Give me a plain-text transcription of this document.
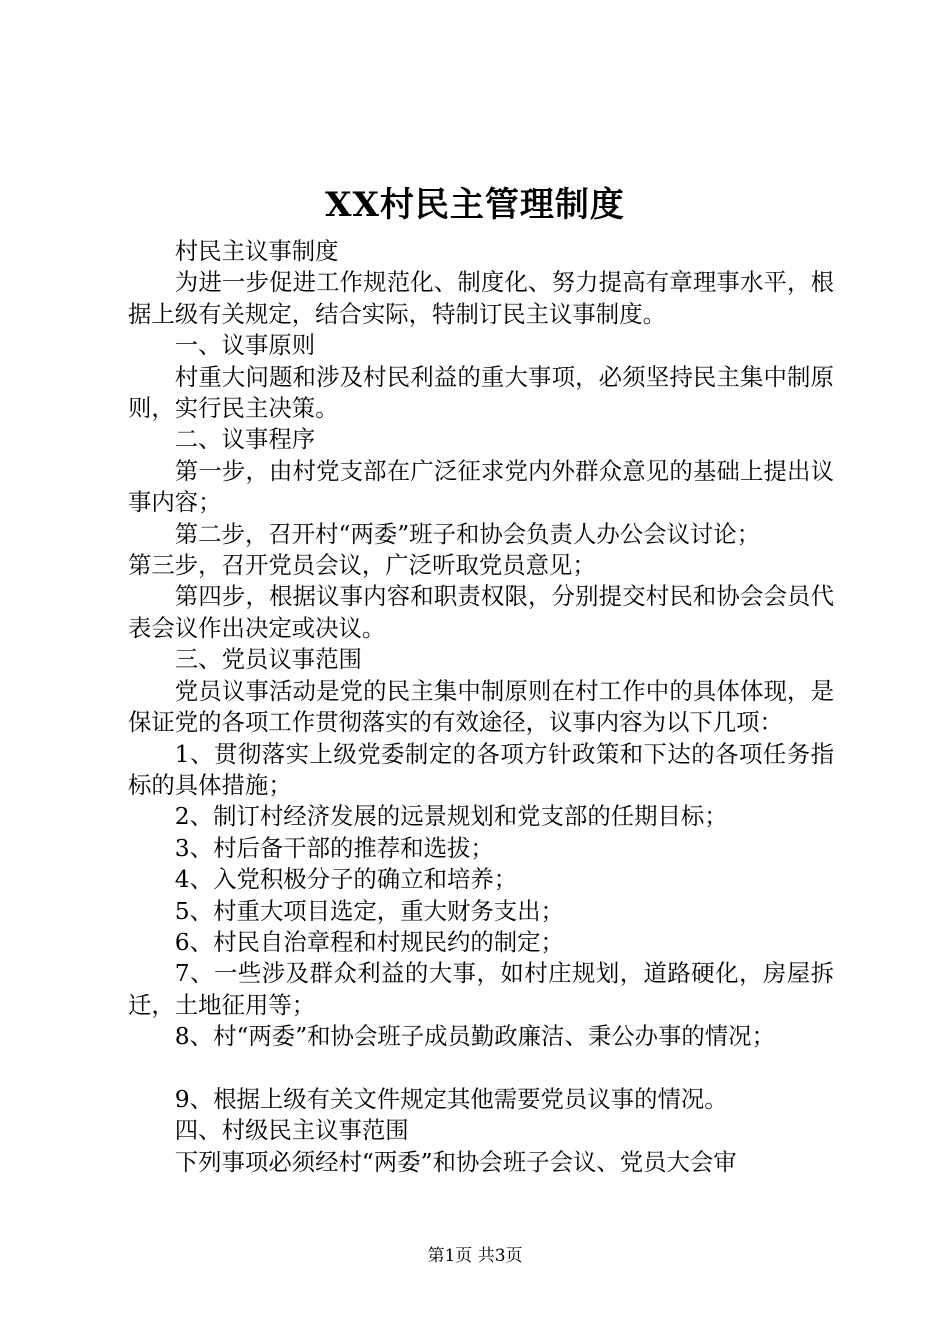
XX村民主管理制度

村民主议事制度

为进一步促进工作规范化、制度化、努力提高有章理事水平，根据上级有关规定，结合实际，特制订民主议事制度。

一、议事原则

村重大问题和涉及村民利益的重大事项，必须坚持民主集中制原则，实行民主决策。

二、议事程序

第一步，由村党支部在广泛征求党内外群众意见的基础上提出议事内容；

第二步，召开村“两委”班子和协会负责人办公会议讨论；

第三步，召开党员会议，广泛听取党员意见；

第四步，根据议事内容和职责权限，分别提交村民和协会会员代表会议作出决定或决议。

三、党员议事范围

党员议事活动是党的民主集中制原则在村工作中的具体体现，是保证党的各项工作贯彻落实的有效途径，议事内容为以下几项：

1、贯彻落实上级党委制定的各项方针政策和下达的各项任务指标的具体措施；

2、制订村经济发展的远景规划和党支部的任期目标；

3、村后备干部的推荐和选拔；

4、入党积极分子的确立和培养；

5、村重大项目选定，重大财务支出；

6、村民自治章程和村规民约的制定；

7、一些涉及群众利益的大事，如村庄规划，道路硬化，房屋拆迁，土地征用等；

8、村“两委”和协会班子成员勤政廉洁、秉公办事的情况；

9、根据上级有关文件规定其他需要党员议事的情况。

四、村级民主议事范围

下列事项必须经村“两委”和协会班子会议、党员大会审

第1页 共3页
